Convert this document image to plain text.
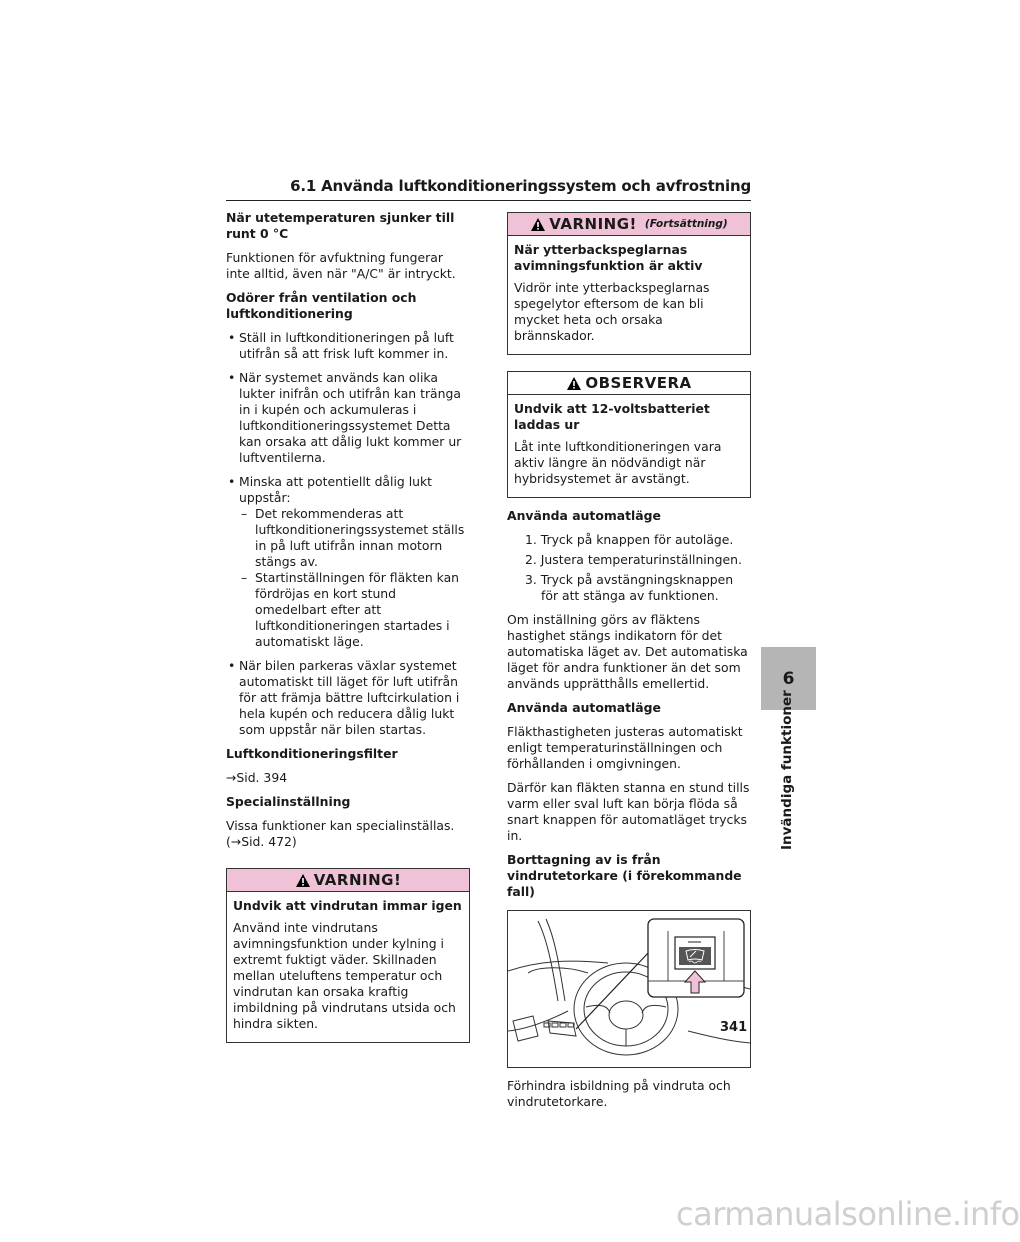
6.1 Använda luftkonditioneringssystem och avfrostning
När utetemperaturen sjunker till runt 0 °C
Funktionen för avfuktning fungerar inte alltid, även när "A/C" är intryckt.
Odörer från ventilation och luftkonditionering
• Ställ in luftkonditioneringen på luft utifrån så att frisk luft kommer in.
• När systemet används kan olika lukter inifrån och utifrån kan tränga in i kupén och ackumuleras i luftkonditioneringssystemet Detta kan orsaka att dålig lukt kommer ur luftventilerna.
• Minska att potentiellt dålig lukt uppstår:
– Det rekommenderas att luftkonditioneringssystemet ställs in på luft utifrån innan motorn stängs av.
– Startinställningen för fläkten kan fördröjas en kort stund omedelbart efter att luftkonditioneringen startades i automatiskt läge.
• När bilen parkeras växlar systemet automatiskt till läget för luft utifrån för att främja bättre luftcirkulation i hela kupén och reducera dålig lukt som uppstår när bilen startas.
Luftkonditioneringsfilter
→Sid. 394
Specialinställning
Vissa funktioner kan specialinställas. (→Sid. 472)
VARNING!
Undvik att vindrutan immar igen
Använd inte vindrutans avimningsfunktion under kylning i extremt fuktigt väder. Skillnaden mellan uteluftens temperatur och vindrutan kan orsaka kraftig imbildning på vindrutans utsida och hindra sikten.
VARNING! (Fortsättning)
När ytterbackspeglarnas avimningsfunktion är aktiv
Vidrör inte ytterbackspeglarnas spegelytor eftersom de kan bli mycket heta och orsaka brännskador.
OBSERVERA
Undvik att 12-voltsbatteriet laddas ur
Låt inte luftkonditioneringen vara aktiv längre än nödvändigt när hybridsystemet är avstängt.
Använda automatläge
1. Tryck på knappen för autoläge.
2. Justera temperaturinställningen.
3. Tryck på avstängningsknappen för att stänga av funktionen.
Om inställning görs av fläktens hastighet stängs indikatorn för det automatiska läget av. Det automatiska läget för andra funktioner än det som används upprätthålls emellertid.
Använda automatläge
Fläkthastigheten justeras automatiskt enligt temperaturinställningen och förhållanden i omgivningen.
Därför kan fläkten stanna en stund tills varm eller sval luft kan börja flöda så snart knappen för automatläget trycks in.
Borttagning av is från vindrutetorkare (i förekommande fall)
Förhindra isbildning på vindruta och vindrutetorkare.
6
Invändiga funktioner
341
carmanualsonline.info
